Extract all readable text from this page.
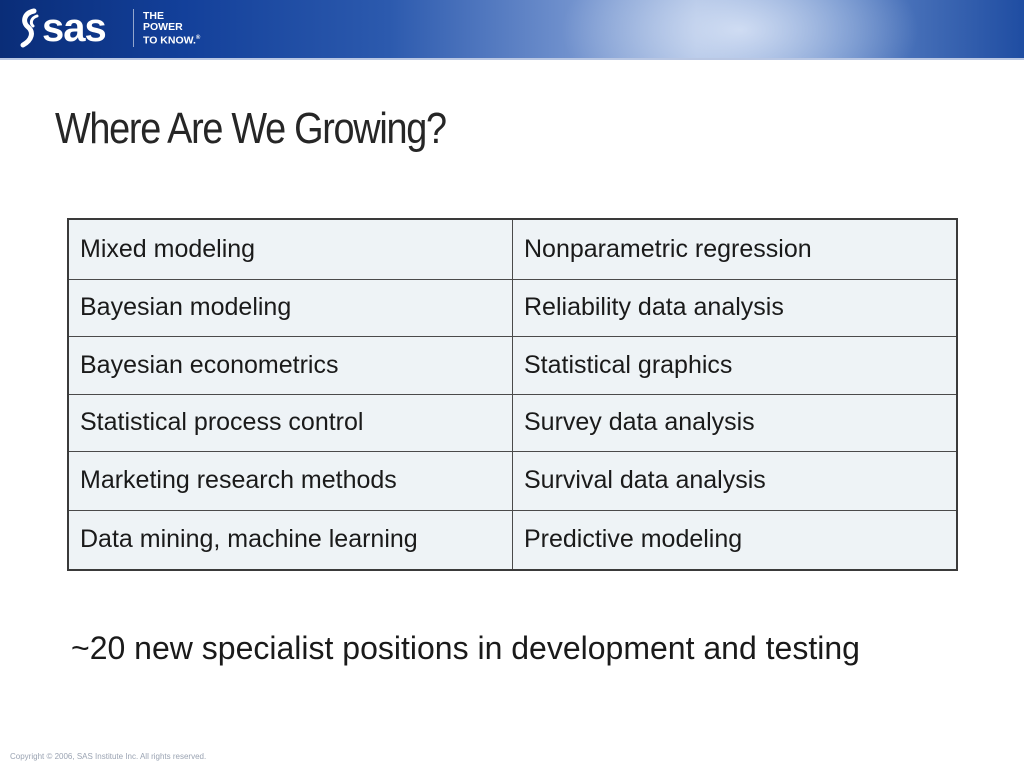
sas	THE
POWER
TO KNOW.®
Where Are We Growing?
Mixed modeling	Nonparametric regression
Bayesian modeling	Reliability data analysis
Bayesian econometrics	Statistical graphics
Statistical process control	Survey data analysis
Marketing research methods	Survival data analysis
Data mining, machine learning	Predictive modeling
~20 new specialist positions in development and testing
Copyright © 2006, SAS Institute Inc. All rights reserved.
